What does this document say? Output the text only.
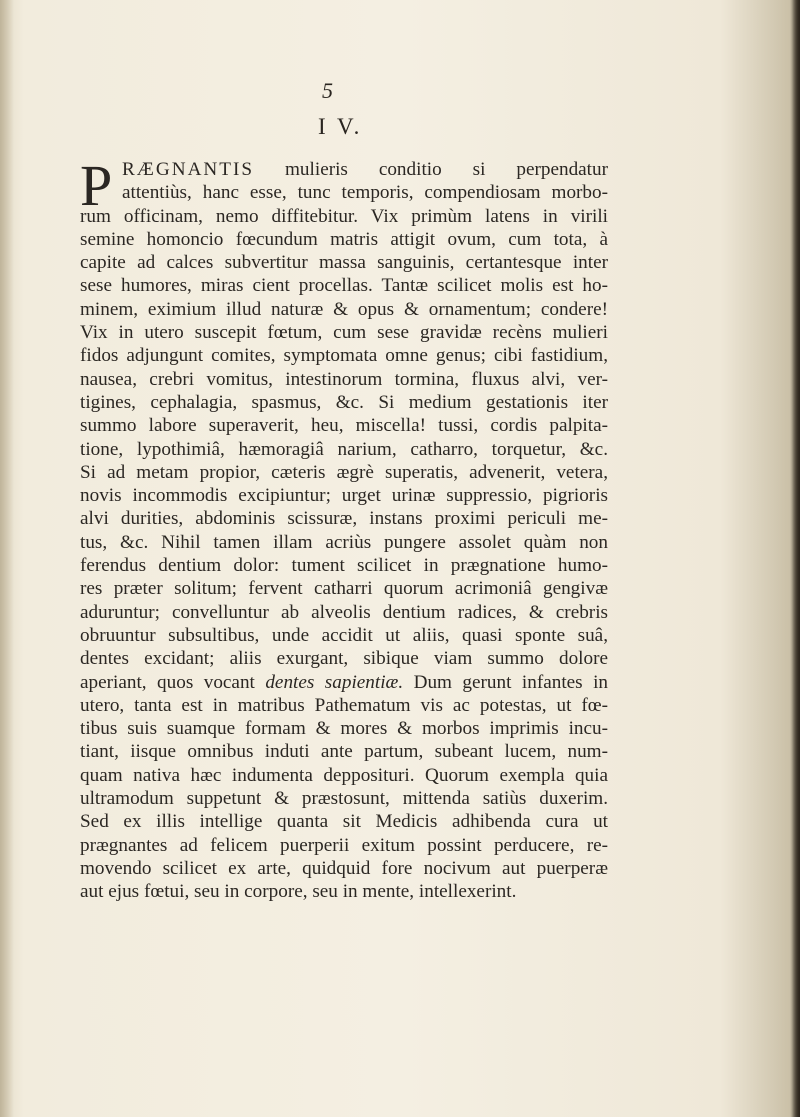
5
I V.
P RÆGNANTIS mulieris conditio si perpendatur
attentiùs, hanc esse, tunc temporis, compendiosam morbo-
rum officinam, nemo diffitebitur. Vix primùm latens in virili
semine homoncio fœcundum matris attigit ovum, cum tota, à
capite ad calces subvertitur massa sanguinis, certantesque inter
sese humores, miras cient procellas. Tantæ scilicet molis est ho-
minem, eximium illud naturæ & opus & ornamentum; condere!
Vix in utero suscepit fœtum, cum sese gravidæ recèns mulieri
fidos adjungunt comites, symptomata omne genus; cibi fastidium,
nausea, crebri vomitus, intestinorum tormina, fluxus alvi, ver-
tigines, cephalagia, spasmus, &c. Si medium gestationis iter
summo labore superaverit, heu, miscella! tussi, cordis palpita-
tione, lypothimiâ, hæmoragiâ narium, catharro, torquetur, &c.
Si ad metam propior, cæteris ægrè superatis, advenerit, vetera,
novis incommodis excipiuntur; urget urinæ suppressio, pigrioris
alvi durities, abdominis scissuræ, instans proximi periculi me-
tus, &c. Nihil tamen illam acriùs pungere assolet quàm non
ferendus dentium dolor: tument scilicet in prægnatione humo-
res præter solitum; fervent catharri quorum acrimoniâ gengivæ
aduruntur; convelluntur ab alveolis dentium radices, & crebris
obruuntur subsultibus, unde accidit ut aliis, quasi sponte suâ,
dentes excidant; aliis exurgant, sibique viam summo dolore
aperiant, quos vocant dentes sapientiæ. Dum gerunt infantes in
utero, tanta est in matribus Pathematum vis ac potestas, ut fœ-
tibus suis suamque formam & mores & morbos imprimis incu-
tiant, iisque omnibus induti ante partum, subeant lucem, num-
quam nativa hæc indumenta depposituri. Quorum exempla quia
ultramodum suppetunt & præstosunt, mittenda satiùs duxerim.
Sed ex illis intellige quanta sit Medicis adhibenda cura ut
prægnantes ad felicem puerperii exitum possint perducere, re-
movendo scilicet ex arte, quidquid fore nocivum aut puerperæ
aut ejus fœtui, seu in corpore, seu in mente, intellexerint.
